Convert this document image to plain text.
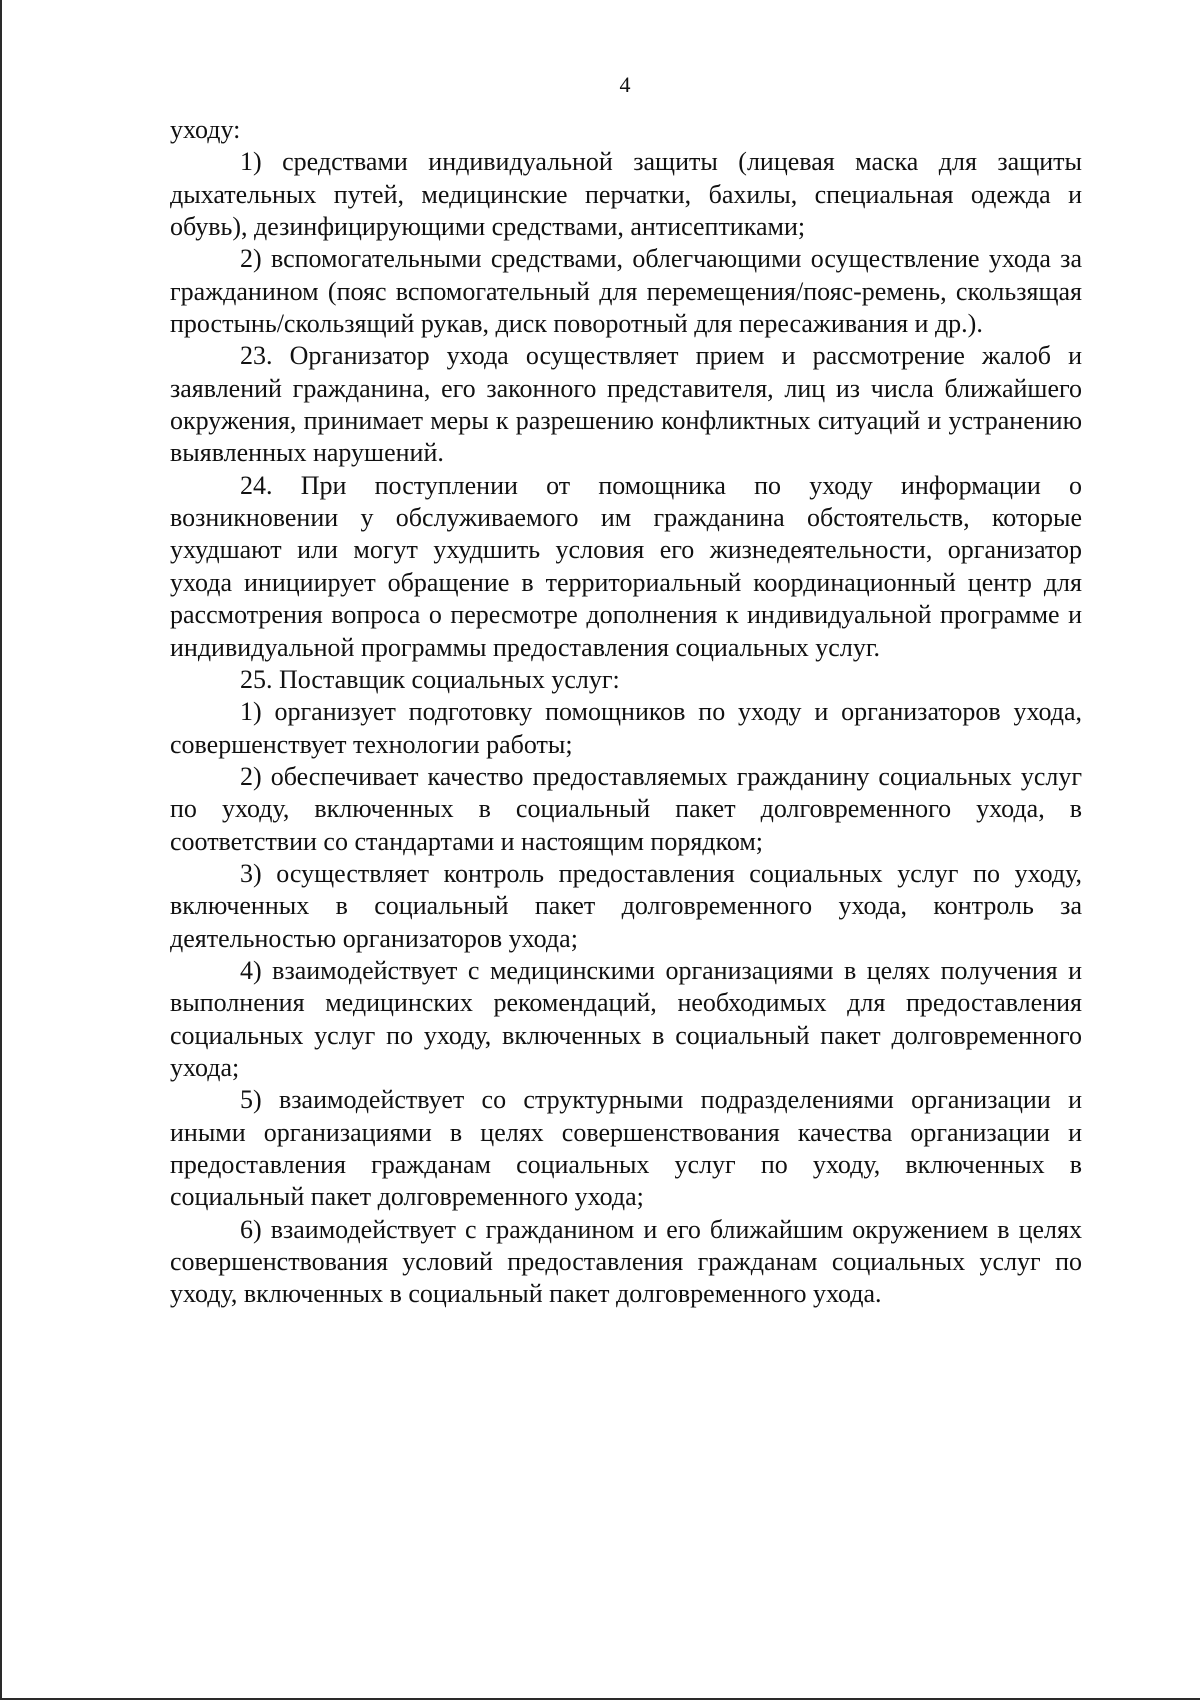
4

уходу:

1) средствами индивидуальной защиты (лицевая маска для защиты дыхательных путей, медицинские перчатки, бахилы, специальная одежда и обувь), дезинфицирующими средствами, антисептиками;

2) вспомогательными средствами, облегчающими осуществление ухода за гражданином (пояс вспомогательный для перемещения/пояс-ремень, скользящая простынь/скользящий рукав, диск поворотный для пересаживания и др.).

23. Организатор ухода осуществляет прием и рассмотрение жалоб и заявлений гражданина, его законного представителя, лиц из числа ближайшего окружения, принимает меры к разрешению конфликтных ситуаций и устранению выявленных нарушений.

24. При поступлении от помощника по уходу информации о возникновении у обслуживаемого им гражданина обстоятельств, которые ухудшают или могут ухудшить условия его жизнедеятельности, организатор ухода инициирует обращение в территориальный координационный центр для рассмотрения вопроса о пересмотре дополнения к индивидуальной программе и индивидуальной программы предоставления социальных услуг.

25. Поставщик социальных услуг:

1) организует подготовку помощников по уходу и организаторов ухода, совершенствует технологии работы;

2) обеспечивает качество предоставляемых гражданину социальных услуг по уходу, включенных в социальный пакет долговременного ухода, в соответствии со стандартами и настоящим порядком;

3) осуществляет контроль предоставления социальных услуг по уходу, включенных в социальный пакет долговременного ухода, контроль за деятельностью организаторов ухода;

4) взаимодействует с медицинскими организациями в целях получения и выполнения медицинских рекомендаций, необходимых для предоставления социальных услуг по уходу, включенных в социальный пакет долговременного ухода;

5) взаимодействует со структурными подразделениями организации и иными организациями в целях совершенствования качества организации и предоставления гражданам социальных услуг по уходу, включенных в социальный пакет долговременного ухода;

6) взаимодействует с гражданином и его ближайшим окружением в целях совершенствования условий предоставления гражданам социальных услуг по уходу, включенных в социальный пакет долговременного ухода.
